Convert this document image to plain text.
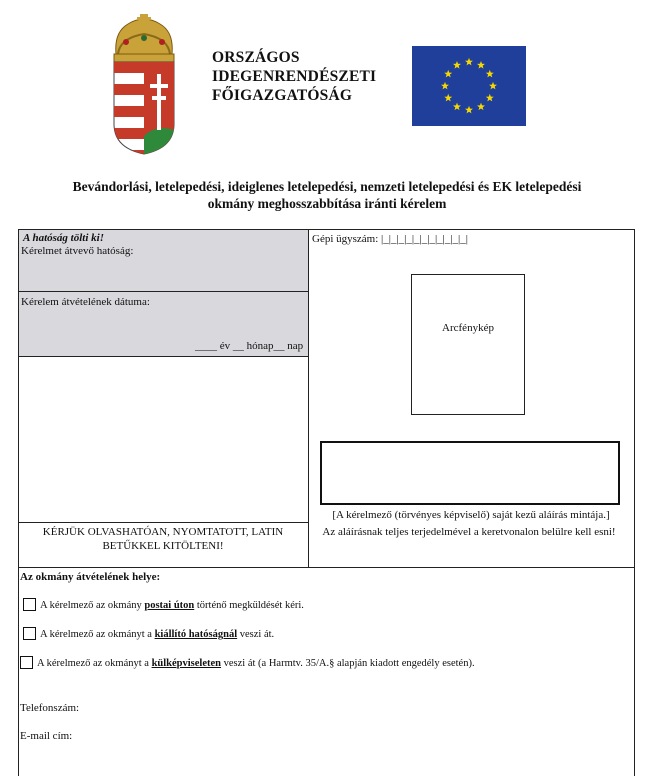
ORSZÁGOS
IDEGENRENDÉSZETI
FŐIGAZGATÓSÁG
Bevándorlási, letelepedési, ideiglenes letelepedési, nemzeti letelepedési és EK letelepedési
okmány meghosszabbítása iránti kérelem
A hatóság tölti ki!
Kérelmet átvevő hatóság:
Kérelem átvételének dátuma:
____ év __ hónap__ nap
KÉRJÜK OLVASHATÓAN, NYOMTATOTT, LATIN BETŰKKEL KITÖLTENI!
Gépi ügyszám: |_|_|_|_|_|_|_|_|_|_|_|
Arcfénykép
[A kérelmező (törvényes képviselő) saját kezű aláírás mintája.]
Az aláírásnak teljes terjedelmével a keretvonalon belülre kell esni!
Az okmány átvételének helye:
A kérelmező az okmány postai úton történő megküldését kéri.
A kérelmező az okmányt a kiállító hatóságnál veszi át.
A kérelmező az okmányt a külképviseleten veszi át (a Harmtv. 35/A.§ alapján kiadott engedély esetén).
Telefonszám:
E-mail cím:
